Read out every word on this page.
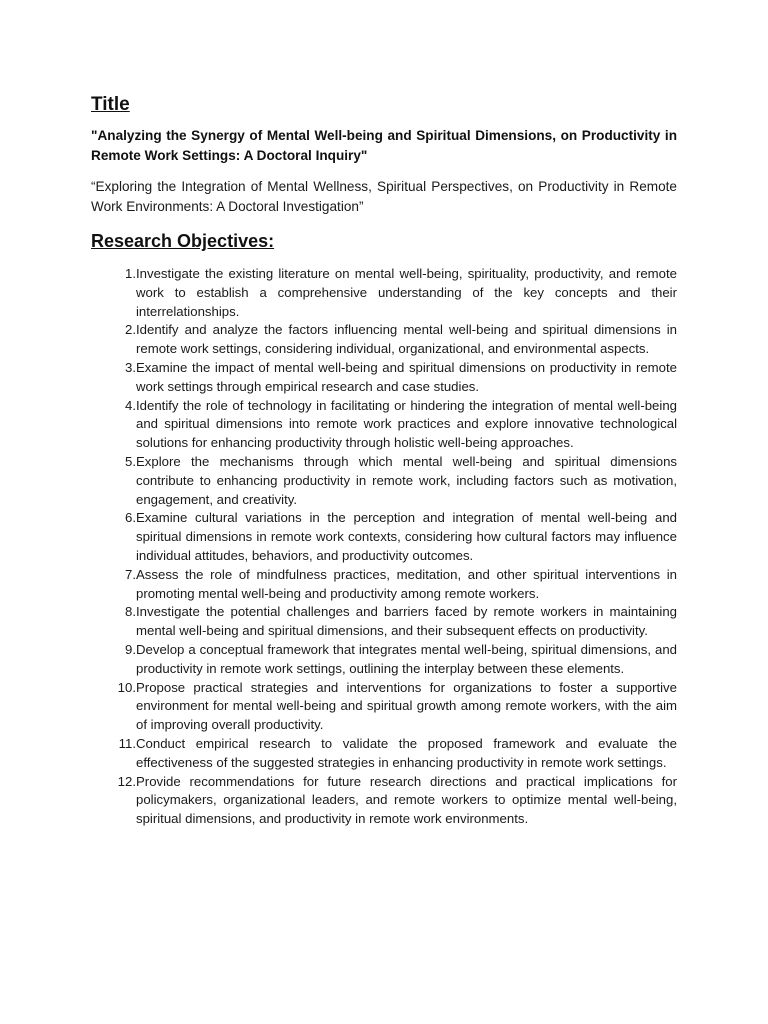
Title

"Analyzing the Synergy of Mental Well-being and Spiritual Dimensions, on Productivity in Remote Work Settings: A Doctoral Inquiry"

“Exploring the Integration of Mental Wellness, Spiritual Perspectives, on Productivity in Remote Work Environments: A Doctoral Investigation”

Research Objectives:
1. Investigate the existing literature on mental well-being, spirituality, productivity, and remote work to establish a comprehensive understanding of the key concepts and their interrelationships.
2. Identify and analyze the factors influencing mental well-being and spiritual dimensions in remote work settings, considering individual, organizational, and environmental aspects.
3. Examine the impact of mental well-being and spiritual dimensions on productivity in remote work settings through empirical research and case studies.
4. Identify the role of technology in facilitating or hindering the integration of mental well-being and spiritual dimensions into remote work practices and explore innovative technological solutions for enhancing productivity through holistic well-being approaches.
5. Explore the mechanisms through which mental well-being and spiritual dimensions contribute to enhancing productivity in remote work, including factors such as motivation, engagement, and creativity.
6. Examine cultural variations in the perception and integration of mental well-being and spiritual dimensions in remote work contexts, considering how cultural factors may influence individual attitudes, behaviors, and productivity outcomes.
7. Assess the role of mindfulness practices, meditation, and other spiritual interventions in promoting mental well-being and productivity among remote workers.
8. Investigate the potential challenges and barriers faced by remote workers in maintaining mental well-being and spiritual dimensions, and their subsequent effects on productivity.
9. Develop a conceptual framework that integrates mental well-being, spiritual dimensions, and productivity in remote work settings, outlining the interplay between these elements.
10. Propose practical strategies and interventions for organizations to foster a supportive environment for mental well-being and spiritual growth among remote workers, with the aim of improving overall productivity.
11. Conduct empirical research to validate the proposed framework and evaluate the effectiveness of the suggested strategies in enhancing productivity in remote work settings.
12. Provide recommendations for future research directions and practical implications for policymakers, organizational leaders, and remote workers to optimize mental well-being, spiritual dimensions, and productivity in remote work environments.
